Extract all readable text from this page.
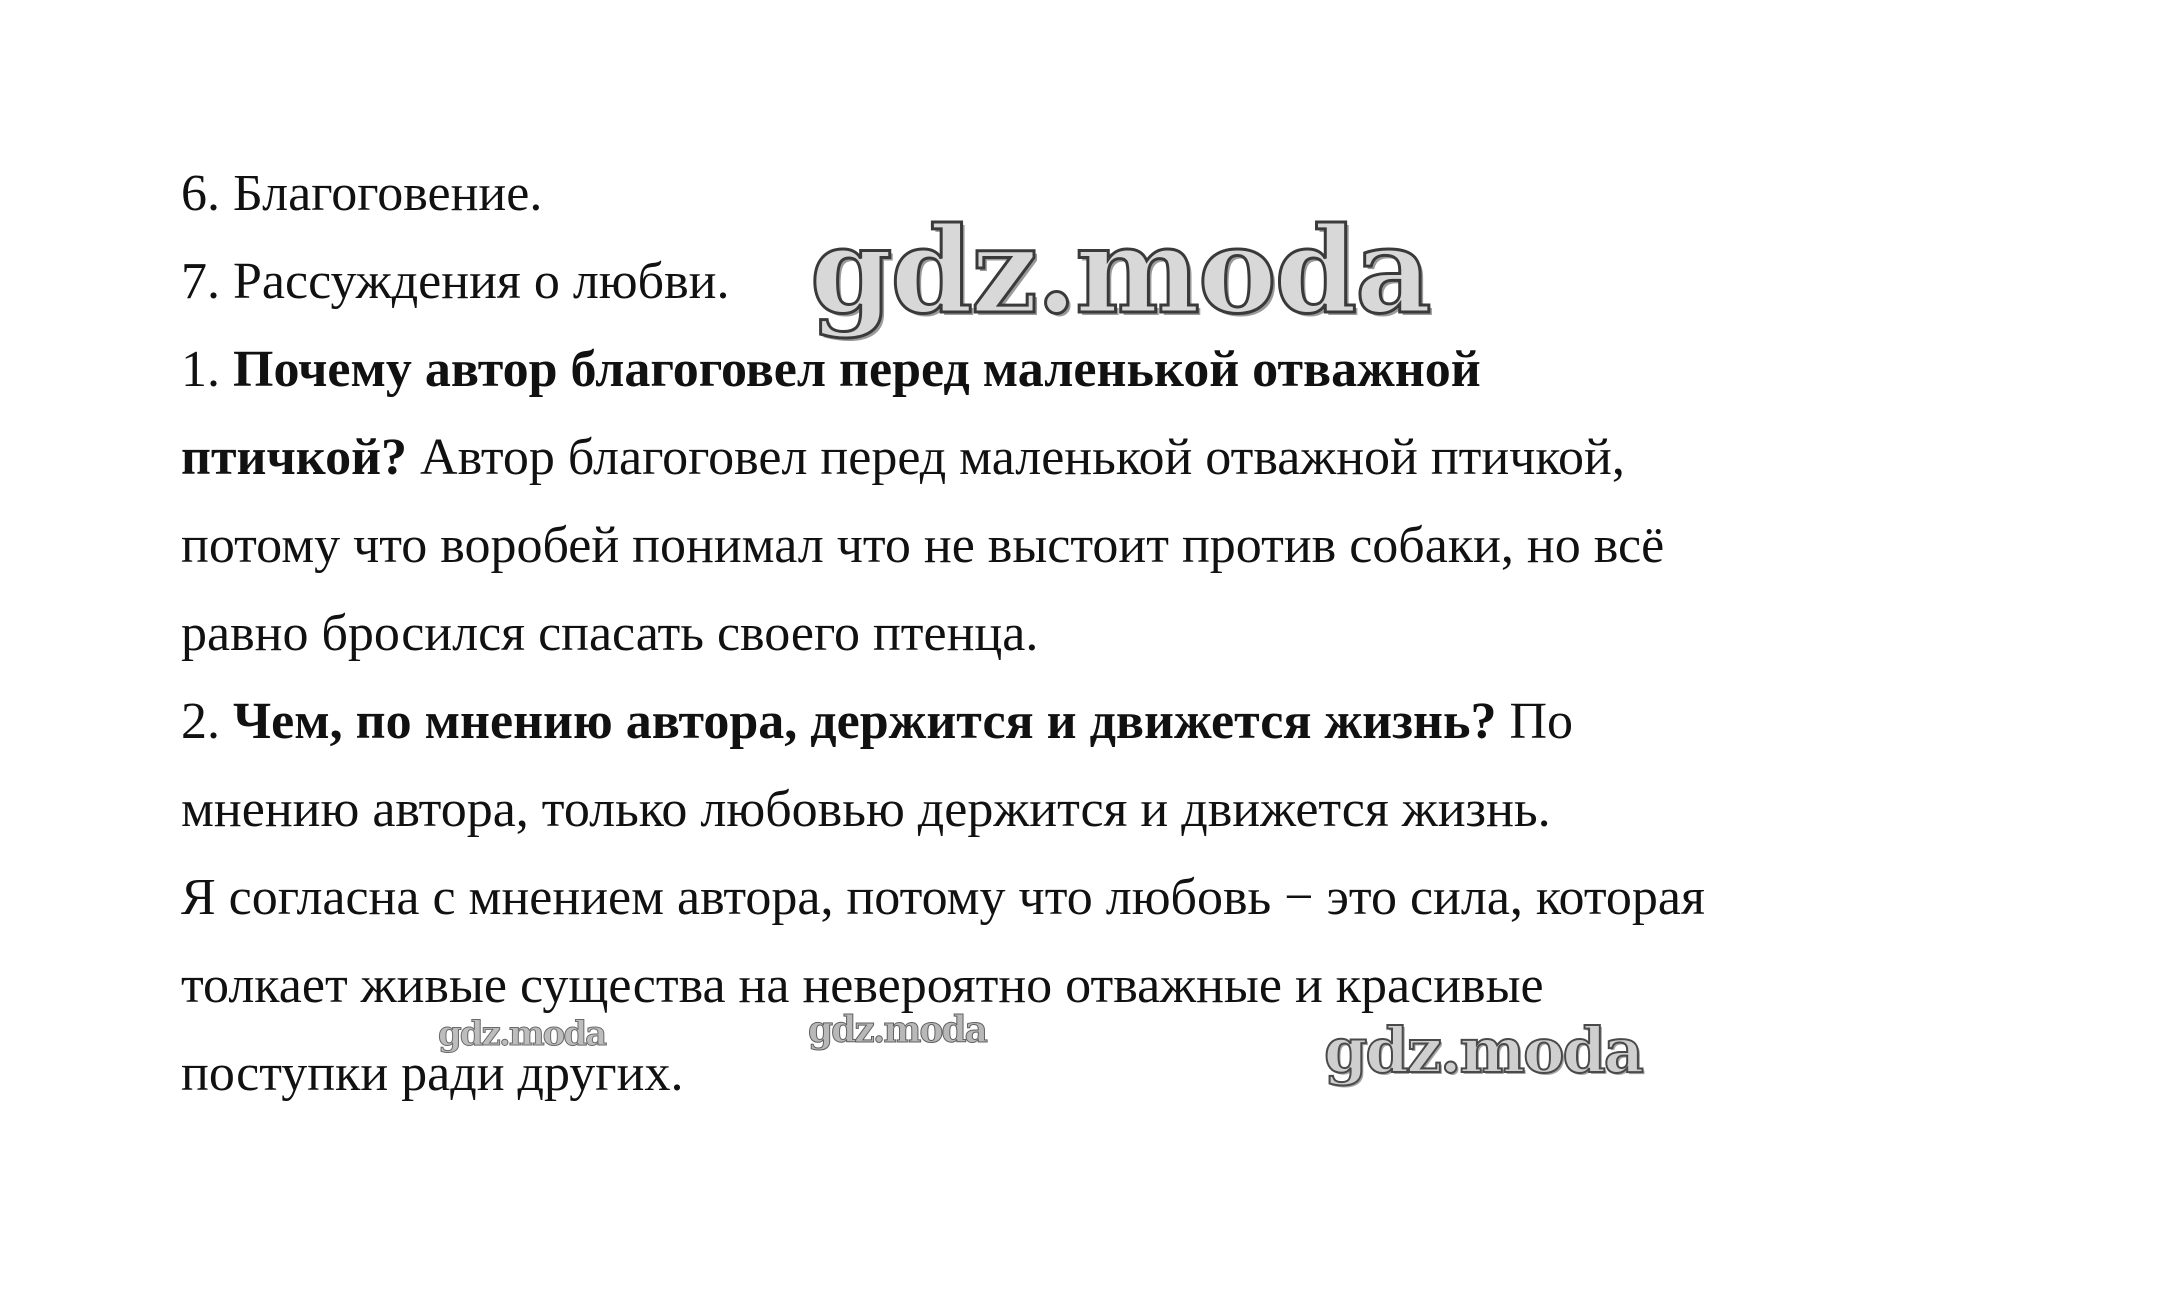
6. Благоговение.
7. Рассуждения о любви.
1. Почему автор благоговел перед маленькой отважной
птичкой? Автор благоговел перед маленькой отважной птичкой,
потому что воробей понимал что не выстоит против собаки, но всё
равно бросился спасать своего птенца.
2. Чем, по мнению автора, держится и движется жизнь? По
мнению автора, только любовью держится и движется жизнь.
Я согласна с мнением автора, потому что любовь − это сила, которая
толкает живые существа на невероятно отважные и красивые
поступки ради других.
gdz.moda
gdz.moda	gdz.moda	gdz.moda
